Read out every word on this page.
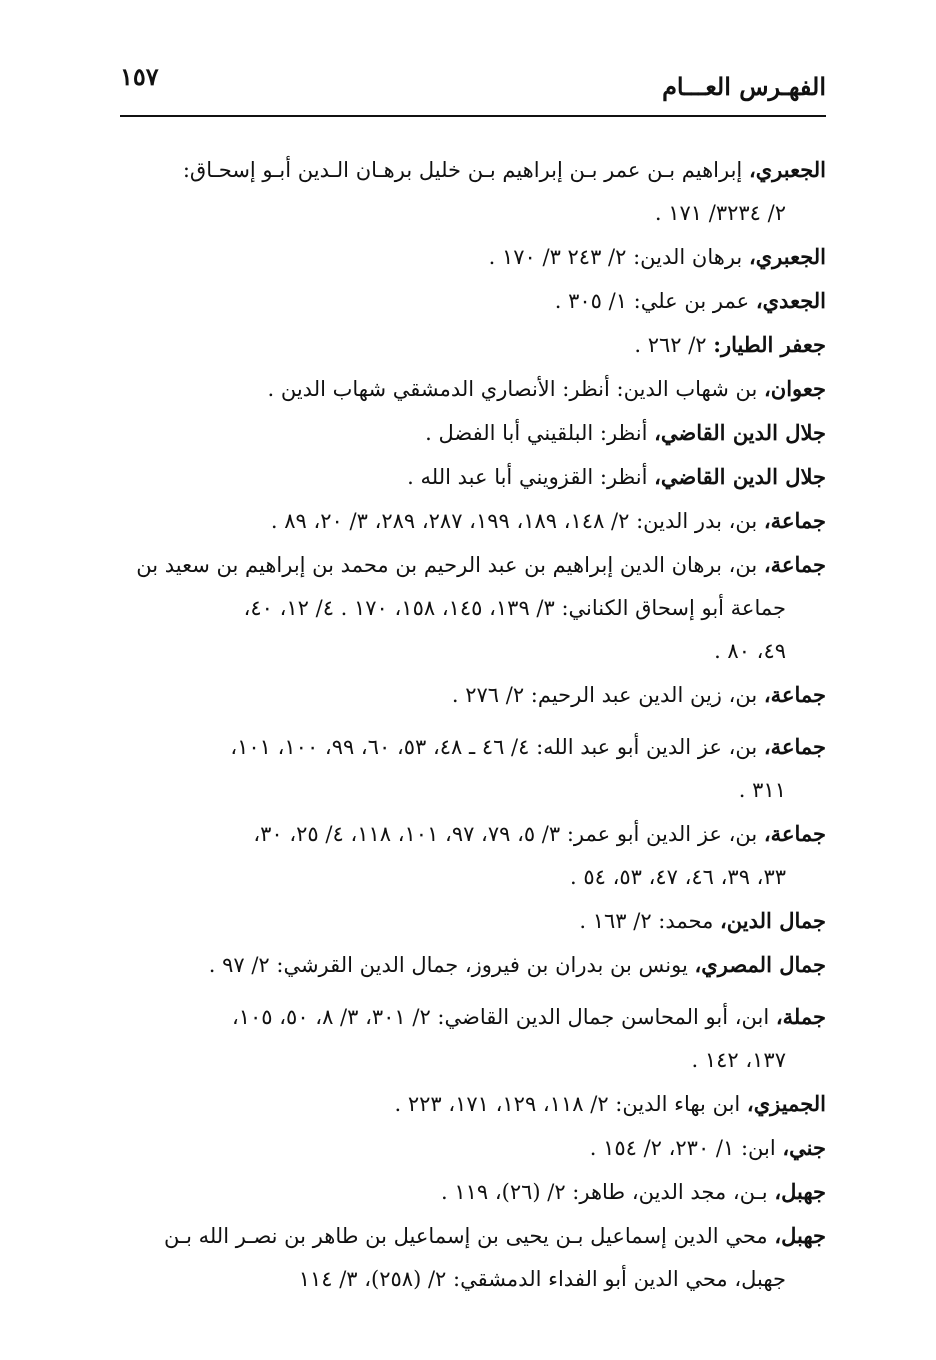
الفهـرس العـــام
١٥٧
الجعبري، إبراهيم بـن عمر بـن إبراهيم بـن خليل برهـان الـدين أبـو إسحـاق:
٢/ ٣٢٣٤/ ١٧١ .
الجعبري، برهان الدين: ٢/ ٢٤٣ ٣/ ١٧٠ .
الجعدي، عمر بن علي: ١/ ٣٠٥ .
جعفر الطيار: ٢/ ٢٦٢ .
جعوان، بن شهاب الدين: أنظر: الأنصاري الدمشقي شهاب الدين .
جلال الدين القاضي، أنظر: البلقيني أبا الفضل .
جلال الدين القاضي، أنظر: القزويني أبا عبد الله .
جماعة، بن، بدر الدين: ٢/ ١٤٨، ١٨٩، ١٩٩، ٢٨٧، ٢٨٩، ٣/ ٢٠، ٨٩ .
جماعة، بن، برهان الدين إبراهيم بن عبد الرحيم بن محمد بن إبراهيم بن سعيد بن
جماعة أبو إسحاق الكناني: ٣/ ١٣٩، ١٤٥، ١٥٨، ١٧٠ . ٤/ ١٢، ٤٠،
٤٩، ٨٠ .
جماعة، بن، زين الدين عبد الرحيم: ٢/ ٢٧٦ .
جماعة، بن، عز الدين أبو عبد الله: ٤/ ٤٦ ـ ٤٨، ٥٣، ٦٠، ٩٩، ١٠٠، ١٠١،
٣١١ .
جماعة، بن، عز الدين أبو عمر: ٣/ ٥، ٧٩، ٩٧، ١٠١، ١١٨، ٤/ ٢٥، ٣٠،
٣٣، ٣٩، ٤٦، ٤٧، ٥٣، ٥٤ .
جمال الدين، محمد: ٢/ ١٦٣ .
جمال المصري، يونس بن بدران بن فيروز، جمال الدين القرشي: ٢/ ٩٧ .
جملة، ابن، أبو المحاسن جمال الدين القاضي: ٢/ ٣٠١، ٣/ ٨، ٥٠، ١٠٥،
١٣٧، ١٤٢ .
الجميزي، ابن بهاء الدين: ٢/ ١١٨، ١٢٩، ١٧١، ٢٢٣ .
جني، ابن: ١/ ٢٣٠، ٢/ ١٥٤ .
جهبل، بـن، مجد الدين، طاهر: ٢/ (٢٦)، ١١٩ .
جهبل، محي الدين إسماعيل بـن يحيى بن إسماعيل بن طاهر بن نصـر الله بـن
جهبل، محي الدين أبو الفداء الدمشقي: ٢/ (٢٥٨)، ٣/ ١١٤
